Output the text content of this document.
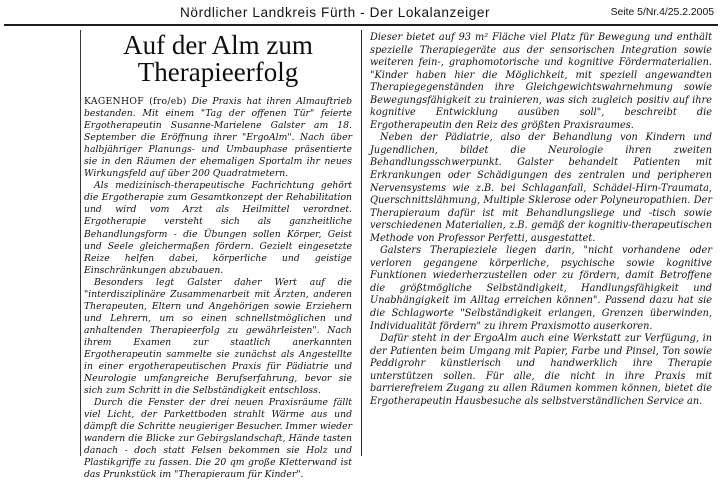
Nördlicher Landkreis Fürth - Der Lokalanzeiger	Seite 5/Nr.4/25.2.2005
Auf der Alm zum
Therapieerfolg

KAGENHOF (fro/eb) Die Praxis hat ihren Almauftrieb bestanden. Mit einem "Tag der offenen Tür" feierte Ergotherapeutin Susanne-Marielene Galster am 18. September die Eröffnung ihrer "ErgoAlm". Nach über halbjähriger Planungs- und Umbauphase präsentierte sie in den Räumen der ehemaligen Sportalm ihr neues Wirkungsfeld auf über 200 Quadratmetern.

Als medizinisch-therapeutische Fachrichtung gehört die Ergotherapie zum Gesamtkonzept der Rehabilitation und wird vom Arzt als Heilmittel verordnet. Ergotherapie versteht sich als ganzheitliche Behandlungsform - die Übungen sollen Körper, Geist und Seele gleichermaßen fördern. Gezielt eingesetzte Reize helfen dabei, körperliche und geistige Einschränkungen abzubauen.

Besonders legt Galster daher Wert auf die "interdisziplinäre Zusammenarbeit mit Ärzten, anderen Therapeuten, Eltern und Angehörigen sowie Erziehern und Lehrern, um so einen schnellstmöglichen und anhaltenden Therapieerfolg zu gewährleisten". Nach ihrem Examen zur staatlich anerkannten Ergotherapeutin sammelte sie zunächst als Angestellte in einer ergotherapeutischen Praxis für Pädiatrie und Neurologie umfangreiche Berufserfahrung, bevor sie sich zum Schritt in die Selbständigkeit entschloss.

Durch die Fenster der drei neuen Praxisräume fällt viel Licht, der Parkettboden strahlt Wärme aus und dämpft die Schritte neugieriger Besucher. Immer wieder wandern die Blicke zur Gebirgslandschaft, Hände tasten danach - doch statt Felsen bekommen sie Holz und Plastikgriffe zu fassen. Die 20 qm große Kletterwand ist das Prunkstück im "Therapieraum für Kinder".

Dieser bietet auf 93 m² Fläche viel Platz für Bewegung und enthält spezielle Therapiegeräte aus der sensorischen Integration sowie weiteren fein-, graphomotorische und kognitive Fördermaterialien. "Kinder haben hier die Möglichkeit, mit speziell angewandten Therapiegegenständen ihre Gleichgewichtswahrnehmung sowie Bewegungsfähigkeit zu trainieren, was sich zugleich positiv auf ihre kognitive Entwicklung ausüben soll", beschreibt die Ergotherapeutin den Reiz des größten Praxisraumes.

Neben der Pädiatrie, also der Behandlung von Kindern und Jugendlichen, bildet die Neurologie ihren zweiten Behandlungsschwerpunkt. Galster behandelt Patienten mit Erkrankungen oder Schädigungen des zentralen und peripheren Nervensystems wie z.B. bei Schlaganfall, Schädel-Hirn-Traumata, Querschnittslähmung, Multiple Sklerose oder Polyneuropathien. Der Therapieraum dafür ist mit Behandlungsliege und -tisch sowie verschiedenen Materialien, z.B. gemäß der kognitiv-therapeutischen Methode von Professor Perfetti, ausgestattet.

Galsters Therapieziele liegen darin, "nicht vorhandene oder verloren gegangene körperliche, psychische sowie kognitive Funktionen wiederherzustellen oder zu fördern, damit Betroffene die größtmögliche Selbständigkeit, Handlungsfähigkeit und Unabhängigkeit im Alltag erreichen können". Passend dazu hat sie die Schlagworte "Selbständigkeit erlangen, Grenzen überwinden, Individualität fördern" zu ihrem Praxismotto auserkoren.

Dafür steht in der ErgoAlm auch eine Werkstatt zur Verfügung, in der Patienten beim Umgang mit Papier, Farbe und Pinsel, Ton sowie Peddigrohr künstlerisch und handwerklich ihre Therapie unterstützen sollen. Für alle, die nicht in ihre Praxis mit barrierefreiem Zugang zu allen Räumen kommen können, bietet die Ergotherapeutin Hausbesuche als selbstverständlichen Service an.
